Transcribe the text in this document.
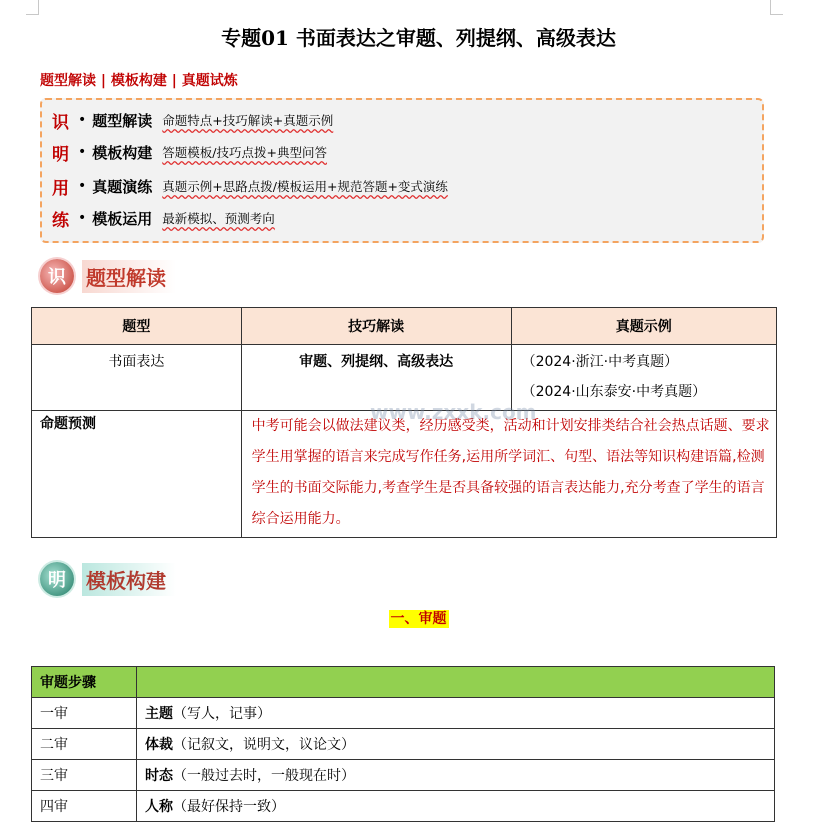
专题01 书面表达之审题、列提纲、高级表达
题型解读 | 模板构建 | 真题试炼
识 • 题型解读 命题特点+技巧解读+真题示例
明 • 模板构建 答题模板/技巧点拨+典型问答
用 • 真题演练 真题示例+思路点拨/模板运用+规范答题+变式演练
练 • 模板运用 最新模拟、预测考向
识	题型解读
题型	技巧解读	真题示例

书面表达	审题、列提纲、高级表达	（2024·浙江·中考真题）
（2024·山东泰安·中考真题）

命题预测	中考可能会以做法建议类，经历感受类，活动和计划安排类结合社会热点话题、要求学生用掌握的语言来完成写作任务,运用所学词汇、句型、语法等知识构建语篇,检测学生的书面交际能力,考查学生是否具备较强的语言表达能力,充分考查了学生的语言综合运用能力。	
www.zxxk.com
明	模板构建
一、审题
审题步骤	
一审	主题（写人，记事）
二审	体裁（记叙文，说明文，议论文）
三审	时态（一般过去时，一般现在时）
四审	人称（最好保持一致）
